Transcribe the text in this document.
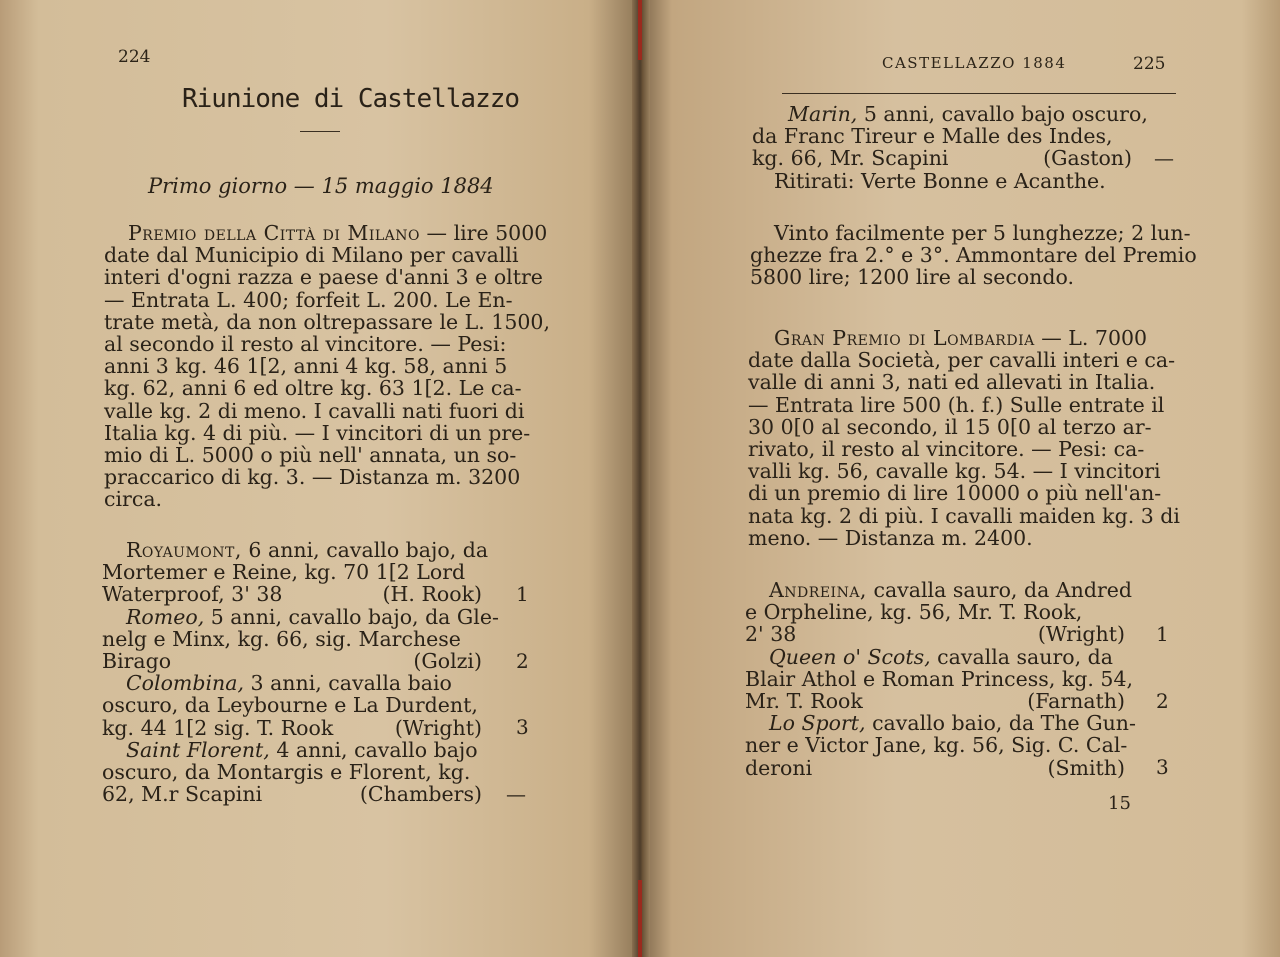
224
Riunione di Castellazzo
Primo giorno — 15 maggio 1884
Premio della Città di Milano — lire 5000
date dal Municipio di Milano per cavalli
interi d'ogni razza e paese d'anni 3 e oltre
— Entrata L. 400; forfeit L. 200. Le En-
trate metà, da non oltrepassare le L. 1500,
al secondo il resto al vincitore. — Pesi:
anni 3 kg. 46 1[2, anni 4 kg. 58, anni 5
kg. 62, anni 6 ed oltre kg. 63 1[2. Le ca-
valle kg. 2 di meno. I cavalli nati fuori di
Italia kg. 4 di più. — I vincitori di un pre-
mio di L. 5000 o più nell' annata, un so-
praccarico di kg. 3. — Distanza m. 3200
circa.
Royaumont, 6 anni, cavallo bajo, da
Mortemer e Reine, kg. 70 1[2 Lord
Waterproof, 3' 38	(H. Rook) 1
Romeo, 5 anni, cavallo bajo, da Gle-
nelg e Minx, kg. 66, sig. Marchese
Birago	(Golzi) 2
Colombina, 3 anni, cavalla baio
oscuro, da Leybourne e La Durdent,
kg. 44 1[2 sig. T. Rook	(Wright) 3
Saint Florent, 4 anni, cavallo bajo
oscuro, da Montargis e Florent, kg.
62, M.r Scapini	(Chambers) —
CASTELLAZZO 1884	225
Marin, 5 anni, cavallo bajo oscuro,
da Franc Tireur e Malle des Indes,
kg. 66, Mr. Scapini	(Gaston) —
Ritirati: Verte Bonne e Acanthe.
Vinto facilmente per 5 lunghezze; 2 lun-
ghezze fra 2.° e 3°. Ammontare del Premio
5800 lire; 1200 lire al secondo.
Gran Premio di Lombardia — L. 7000
date dalla Società, per cavalli interi e ca-
valle di anni 3, nati ed allevati in Italia.
— Entrata lire 500 (h. f.) Sulle entrate il
30 0[0 al secondo, il 15 0[0 al terzo ar-
rivato, il resto al vincitore. — Pesi: ca-
valli kg. 56, cavalle kg. 54. — I vincitori
di un premio di lire 10000 o più nell'an-
nata kg. 2 di più. I cavalli maiden kg. 3 di
meno. — Distanza m. 2400.
Andreina, cavalla sauro, da Andred
e Orpheline, kg. 56, Mr. T. Rook,
2' 38	(Wright) 1
Queen o' Scots, cavalla sauro, da
Blair Athol e Roman Princess, kg. 54,
Mr. T. Rook	(Farnath) 2
Lo Sport, cavallo baio, da The Gun-
ner e Victor Jane, kg. 56, Sig. C. Cal-
deroni	(Smith) 3
15
